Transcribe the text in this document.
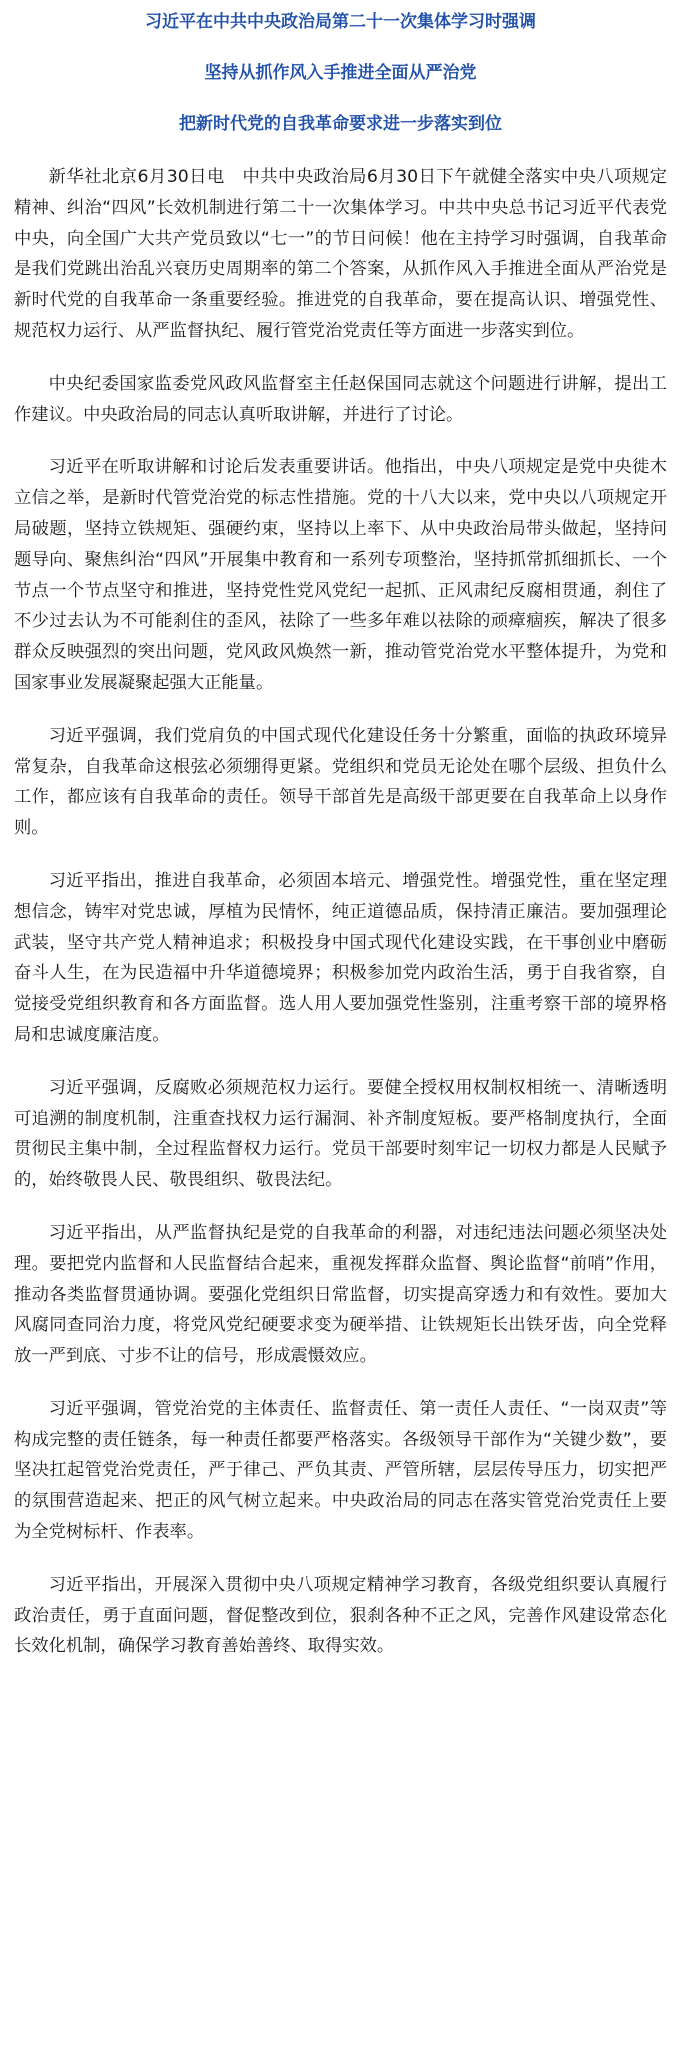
习近平在中共中央政治局第二十一次集体学习时强调
坚持从抓作风入手推进全面从严治党
把新时代党的自我革命要求进一步落实到位

新华社北京6月30日电　中共中央政治局6月30日下午就健全落实中央八项规定精神、纠治“四风”长效机制进行第二十一次集体学习。中共中央总书记习近平代表党中央，向全国广大共产党员致以“七一”的节日问候！他在主持学习时强调，自我革命是我们党跳出治乱兴衰历史周期率的第二个答案，从抓作风入手推进全面从严治党是新时代党的自我革命一条重要经验。推进党的自我革命，要在提高认识、增强党性、规范权力运行、从严监督执纪、履行管党治党责任等方面进一步落实到位。

中央纪委国家监委党风政风监督室主任赵保国同志就这个问题进行讲解，提出工作建议。中央政治局的同志认真听取讲解，并进行了讨论。

习近平在听取讲解和讨论后发表重要讲话。他指出，中央八项规定是党中央徙木立信之举，是新时代管党治党的标志性措施。党的十八大以来，党中央以八项规定开局破题，坚持立铁规矩、强硬约束，坚持以上率下、从中央政治局带头做起，坚持问题导向、聚焦纠治“四风”开展集中教育和一系列专项整治，坚持抓常抓细抓长、一个节点一个节点坚守和推进，坚持党性党风党纪一起抓、正风肃纪反腐相贯通，刹住了不少过去认为不可能刹住的歪风，祛除了一些多年难以祛除的顽瘴痼疾，解决了很多群众反映强烈的突出问题，党风政风焕然一新，推动管党治党水平整体提升，为党和国家事业发展凝聚起强大正能量。

习近平强调，我们党肩负的中国式现代化建设任务十分繁重，面临的执政环境异常复杂，自我革命这根弦必须绷得更紧。党组织和党员无论处在哪个层级、担负什么工作，都应该有自我革命的责任。领导干部首先是高级干部更要在自我革命上以身作则。

习近平指出，推进自我革命，必须固本培元、增强党性。增强党性，重在坚定理想信念，铸牢对党忠诚，厚植为民情怀，纯正道德品质，保持清正廉洁。要加强理论武装，坚守共产党人精神追求；积极投身中国式现代化建设实践，在干事创业中磨砺奋斗人生，在为民造福中升华道德境界；积极参加党内政治生活，勇于自我省察，自觉接受党组织教育和各方面监督。选人用人要加强党性鉴别，注重考察干部的境界格局和忠诚度廉洁度。

习近平强调，反腐败必须规范权力运行。要健全授权用权制权相统一、清晰透明可追溯的制度机制，注重查找权力运行漏洞、补齐制度短板。要严格制度执行，全面贯彻民主集中制，全过程监督权力运行。党员干部要时刻牢记一切权力都是人民赋予的，始终敬畏人民、敬畏组织、敬畏法纪。

习近平指出，从严监督执纪是党的自我革命的利器，对违纪违法问题必须坚决处理。要把党内监督和人民监督结合起来，重视发挥群众监督、舆论监督“前哨”作用，推动各类监督贯通协调。要强化党组织日常监督，切实提高穿透力和有效性。要加大风腐同查同治力度，将党风党纪硬要求变为硬举措、让铁规矩长出铁牙齿，向全党释放一严到底、寸步不让的信号，形成震慑效应。

习近平强调，管党治党的主体责任、监督责任、第一责任人责任、“一岗双责”等构成完整的责任链条，每一种责任都要严格落实。各级领导干部作为“关键少数”，要坚决扛起管党治党责任，严于律己、严负其责、严管所辖，层层传导压力，切实把严的氛围营造起来、把正的风气树立起来。中央政治局的同志在落实管党治党责任上要为全党树标杆、作表率。

习近平指出，开展深入贯彻中央八项规定精神学习教育，各级党组织要认真履行政治责任，勇于直面问题，督促整改到位，狠刹各种不正之风，完善作风建设常态化长效化机制，确保学习教育善始善终、取得实效。
